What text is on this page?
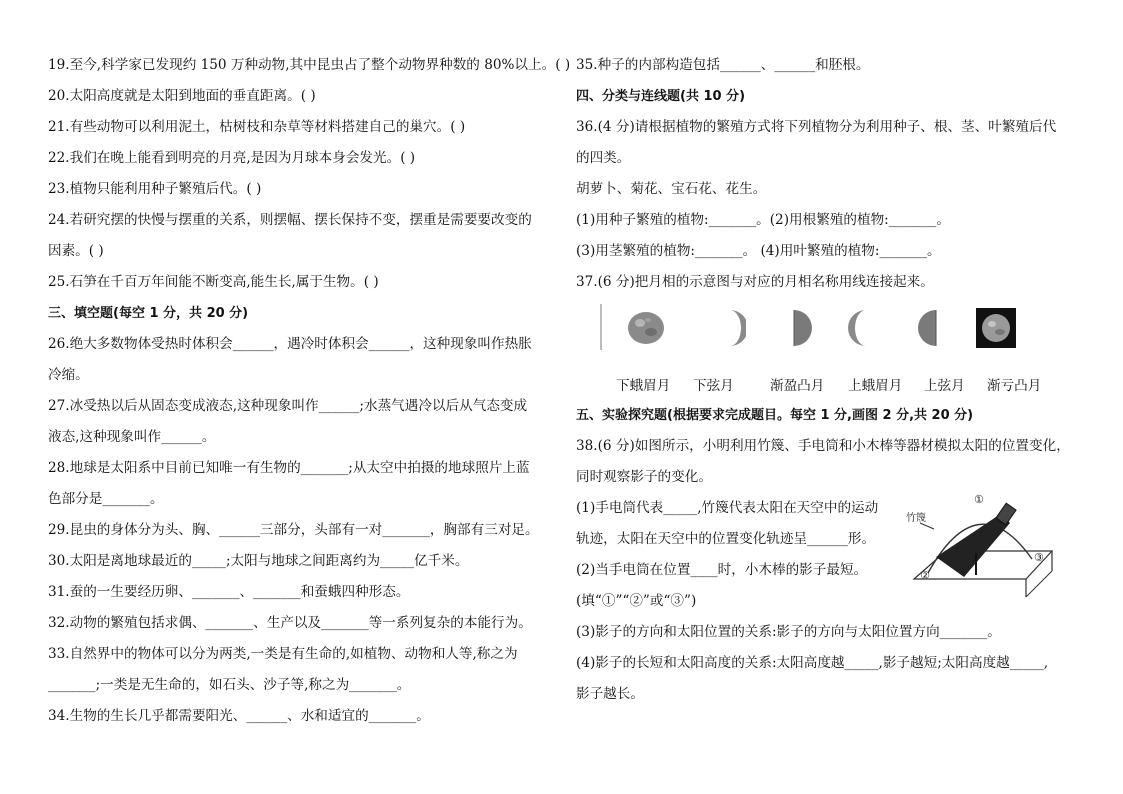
19.至今,科学家已发现约 150 万种动物,其中昆虫占了整个动物界种数的 80%以上。( )
20.太阳高度就是太阳到地面的垂直距离。( )
21.有些动物可以利用泥土，枯树枝和杂草等材料搭建自己的巢穴。( )
22.我们在晚上能看到明亮的月亮,是因为月球本身会发光。( )
23.植物只能利用种子繁殖后代。( )
24.若研究摆的快慢与摆重的关系，则摆幅、摆长保持不变，摆重是需要要改变的
因素。( )
25.石笋在千百万年间能不断变高,能生长,属于生物。( )
三、填空题(每空 1 分，共 20 分)
26.绝大多数物体受热时体积会______，遇冷时体积会______，这种现象叫作热胀
冷缩。
27.冰受热以后从固态变成液态,这种现象叫作______;水蒸气遇冷以后从气态变成
液态,这种现象叫作______。
28.地球是太阳系中目前已知唯一有生物的_______;从太空中拍摄的地球照片上蓝
色部分是_______。
29.昆虫的身体分为头、胸、______三部分，头部有一对_______，胸部有三对足。
30.太阳是离地球最近的_____;太阳与地球之间距离约为_____亿千米。
31.蚕的一生要经历卵、_______、_______和蚕蛾四种形态。
32.动物的繁殖包括求偶、_______、生产以及_______等一系列复杂的本能行为。
33.自然界中的物体可以分为两类,一类是有生命的,如植物、动物和人等,称之为
_______;一类是无生命的，如石头、沙子等,称之为_______。
34.生物的生长几乎都需要阳光、______、水和适宜的_______。
35.种子的内部构造包括______、______和胚根。
四、分类与连线题(共 10 分)
36.(4 分)请根据植物的繁殖方式将下列植物分为利用种子、根、茎、叶繁殖后代
的四类。
胡萝卜、菊花、宝石花、花生。
(1)用种子繁殖的植物:_______。(2)用根繁殖的植物:_______。
(3)用茎繁殖的植物:_______。 (4)用叶繁殖的植物:_______。
37.(6 分)把月相的示意图与对应的月相名称用线连接起来。
下蛾眉月 下弦月	渐盈凸月 上蛾眉月 上弦月 渐亏凸月
五、实验探究题(根据要求完成题目。每空 1 分,画图 2 分,共 20 分)
38.(6 分)如图所示，小明利用竹篾、手电筒和小木棒等器材模拟太阳的位置变化，
同时观察影子的变化。
(1)手电筒代表_____,竹篾代表太阳在天空中的运动
轨迹，太阳在天空中的位置变化轨迹呈______形。
(2)当手电筒在位置____时，小木棒的影子最短。
(填“①”“②”或“③”)
竹篾
①
②
③
(3)影子的方向和太阳位置的关系:影子的方向与太阳位置方向_______。
(4)影子的长短和太阳高度的关系:太阳高度越_____,影子越短;太阳高度越_____,
影子越长。
